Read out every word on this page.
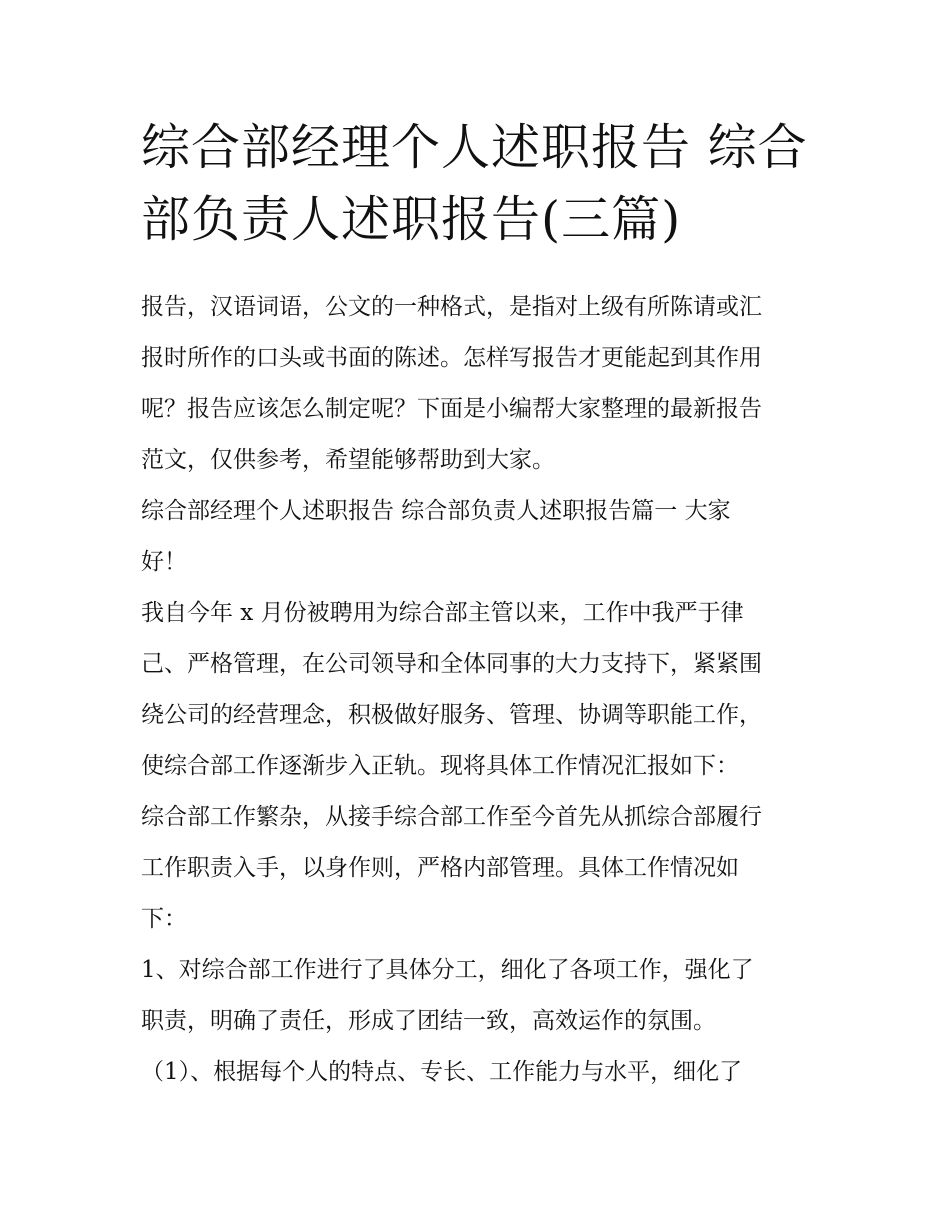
综合部经理个人述职报告 综合
部负责人述职报告(三篇)

报告，汉语词语，公文的一种格式，是指对上级有所陈请或汇
报时所作的口头或书面的陈述。怎样写报告才更能起到其作用
呢？报告应该怎么制定呢？下面是小编帮大家整理的最新报告
范文，仅供参考，希望能够帮助到大家。

综合部经理个人述职报告 综合部负责人述职报告篇一 大家
好！

我自今年 x 月份被聘用为综合部主管以来，工作中我严于律
己、严格管理，在公司领导和全体同事的大力支持下，紧紧围
绕公司的经营理念，积极做好服务、管理、协调等职能工作，
使综合部工作逐渐步入正轨。现将具体工作情况汇报如下：

综合部工作繁杂，从接手综合部工作至今首先从抓综合部履行
工作职责入手，以身作则，严格内部管理。具体工作情况如
下：

1、对综合部工作进行了具体分工，细化了各项工作，强化了
职责，明确了责任，形成了团结一致，高效运作的氛围。

（1）、根据每个人的特点、专长、工作能力与水平，细化了
